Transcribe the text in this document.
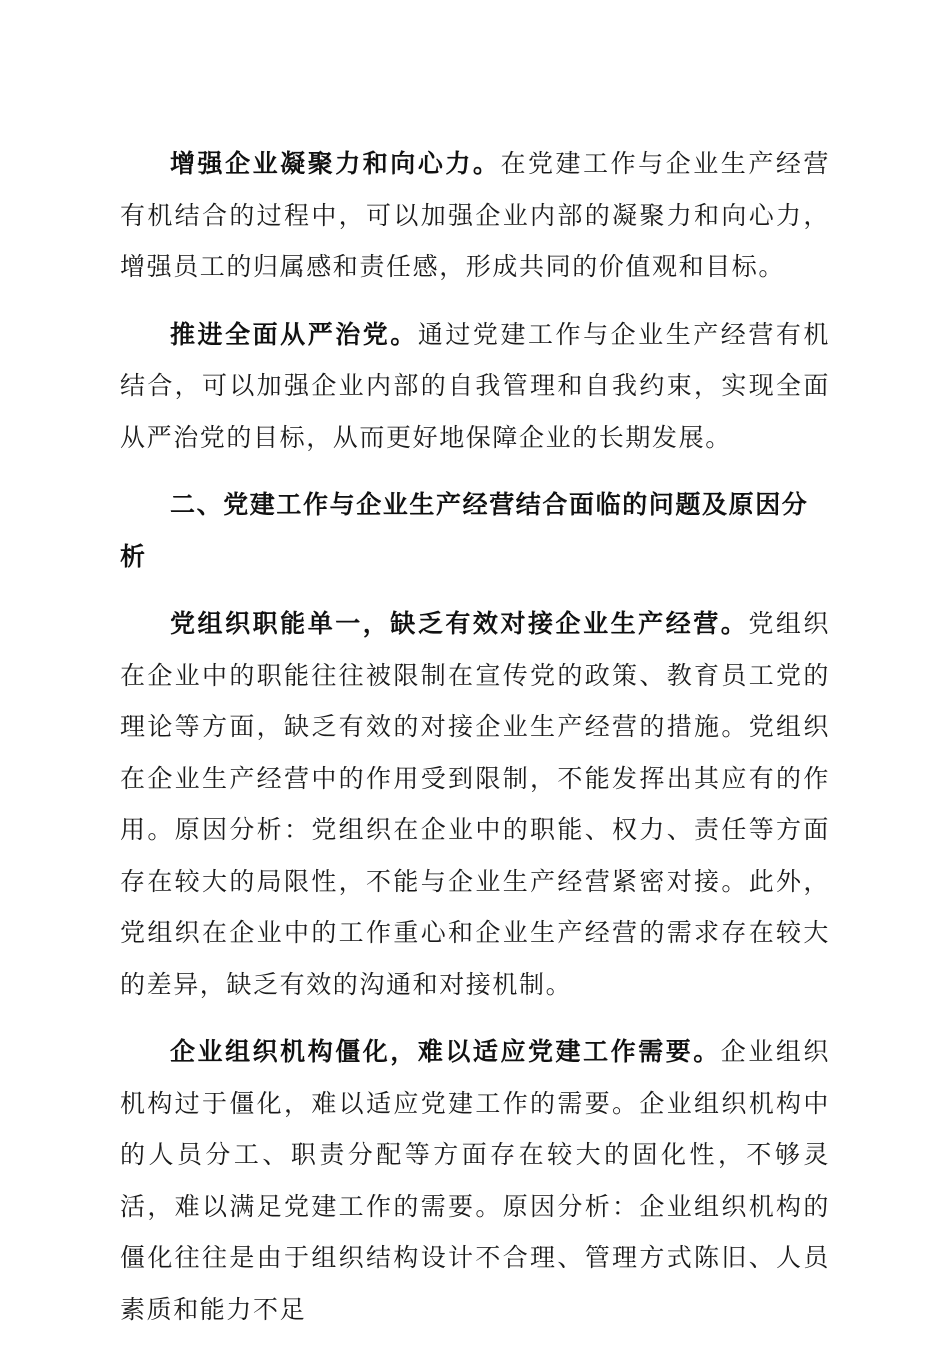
增强企业凝聚力和向心力。在党建工作与企业生产经营有机结合的过程中，可以加强企业内部的凝聚力和向心力，增强员工的归属感和责任感，形成共同的价值观和目标。

推进全面从严治党。通过党建工作与企业生产经营有机结合，可以加强企业内部的自我管理和自我约束，实现全面从严治党的目标，从而更好地保障企业的长期发展。

二、党建工作与企业生产经营结合面临的问题及原因分析

党组织职能单一，缺乏有效对接企业生产经营。党组织在企业中的职能往往被限制在宣传党的政策、教育员工党的理论等方面，缺乏有效的对接企业生产经营的措施。党组织在企业生产经营中的作用受到限制，不能发挥出其应有的作用。原因分析：党组织在企业中的职能、权力、责任等方面存在较大的局限性，不能与企业生产经营紧密对接。此外，党组织在企业中的工作重心和企业生产经营的需求存在较大的差异，缺乏有效的沟通和对接机制。

企业组织机构僵化，难以适应党建工作需要。企业组织机构过于僵化，难以适应党建工作的需要。企业组织机构中的人员分工、职责分配等方面存在较大的固化性，不够灵活，难以满足党建工作的需要。原因分析：企业组织机构的僵化往往是由于组织结构设计不合理、管理方式陈旧、人员素质和能力不足
